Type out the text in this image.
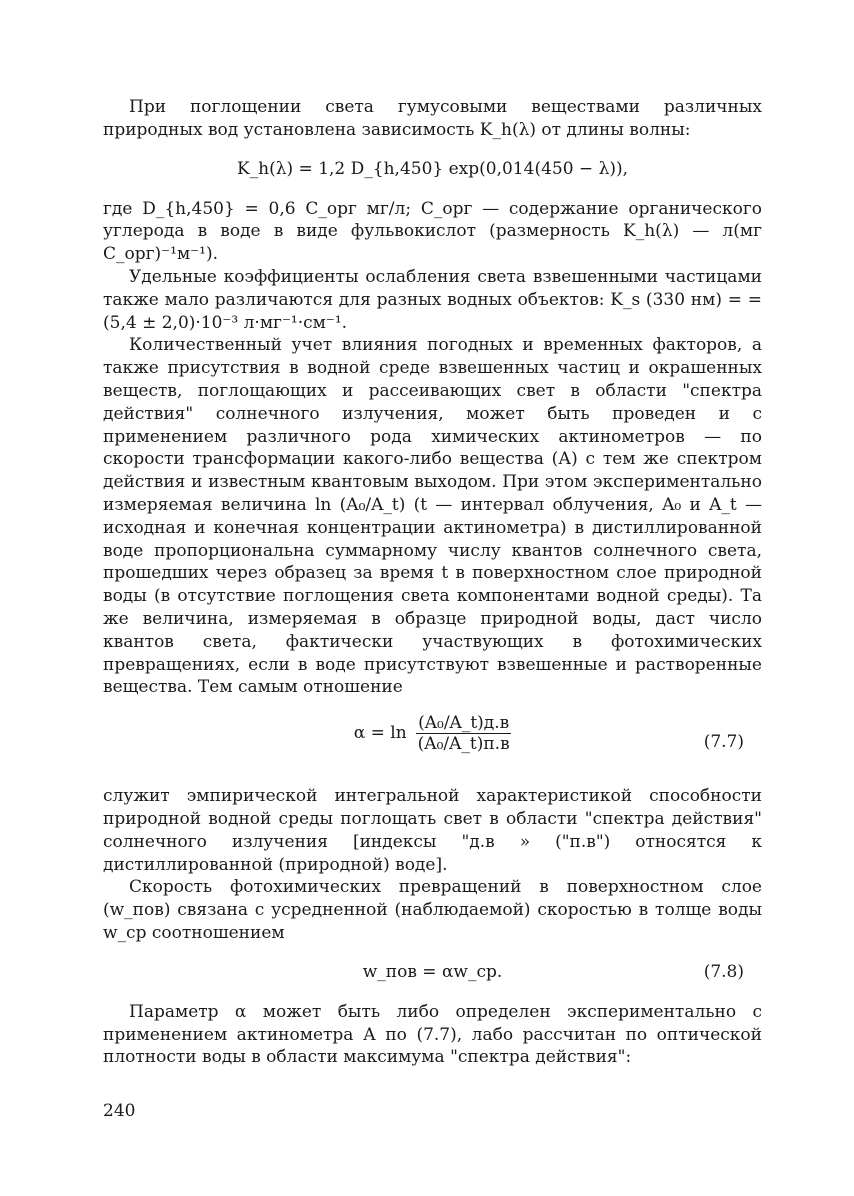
При поглощении света гумусовыми веществами различных природных вод установлена зависимость K_h(λ) от длины волны:

K_h(λ) = 1,2 D_{h,450} exp(0,014(450 − λ)),

где D_{h,450} = 0,6 С_орг мг/л; С_орг — содержание органического углерода в воде в виде фульвокислот (размерность K_h(λ) — л(мг С_орг)⁻¹м⁻¹).

Удельные коэффициенты ослабления света взвешенными частицами также мало различаются для разных водных объектов: K_s (330 нм) = = (5,4 ± 2,0)·10⁻³ л·мг⁻¹·см⁻¹.

Количественный учет влияния погодных и временных факторов, а также присутствия в водной среде взвешенных частиц и окрашенных веществ, поглощающих и рассеивающих свет в области "спектра действия" солнечного излучения, может быть проведен и с применением различного рода химических актинометров — по скорости трансформации какого-либо вещества (А) с тем же спектром действия и известным квантовым выходом. При этом экспериментально измеряемая величина ln (A₀/A_t) (t — интервал облучения, A₀ и A_t — исходная и конечная концентрации актинометра) в дистиллированной воде пропорциональна суммарному числу квантов солнечного света, прошедших через образец за время t в поверхностном слое природной воды (в отсутствие поглощения света компонентами водной среды). Та же величина, измеряемая в образце природной воды, даст число квантов света, фактически участвующих в фотохимических превращениях, если в воде присутствуют взвешенные и растворенные вещества. Тем самым отношение

$\alpha = \ln \frac{\text{(A₀/A\_t)д.в}}{\text{(A₀/A\_t)п.в}}$	(7.7)

служит эмпирической интегральной характеристикой способности природной водной среды поглощать свет в области "спектра действия" солнечного излучения [индексы "д.в » ("п.в") относятся к дистиллированной (природной) воде].

Скорость фотохимических превращений в поверхностном слое (w_пов) связана с усредненной (наблюдаемой) скоростью в толще воды w_ср соотношением

w_пов = αw_ср.	(7.8)

Параметр α может быть либо определен экспериментально с применением актинометра А по (7.7), лабо рассчитан по оптической плотности воды в области максимума "спектра действия":

240
